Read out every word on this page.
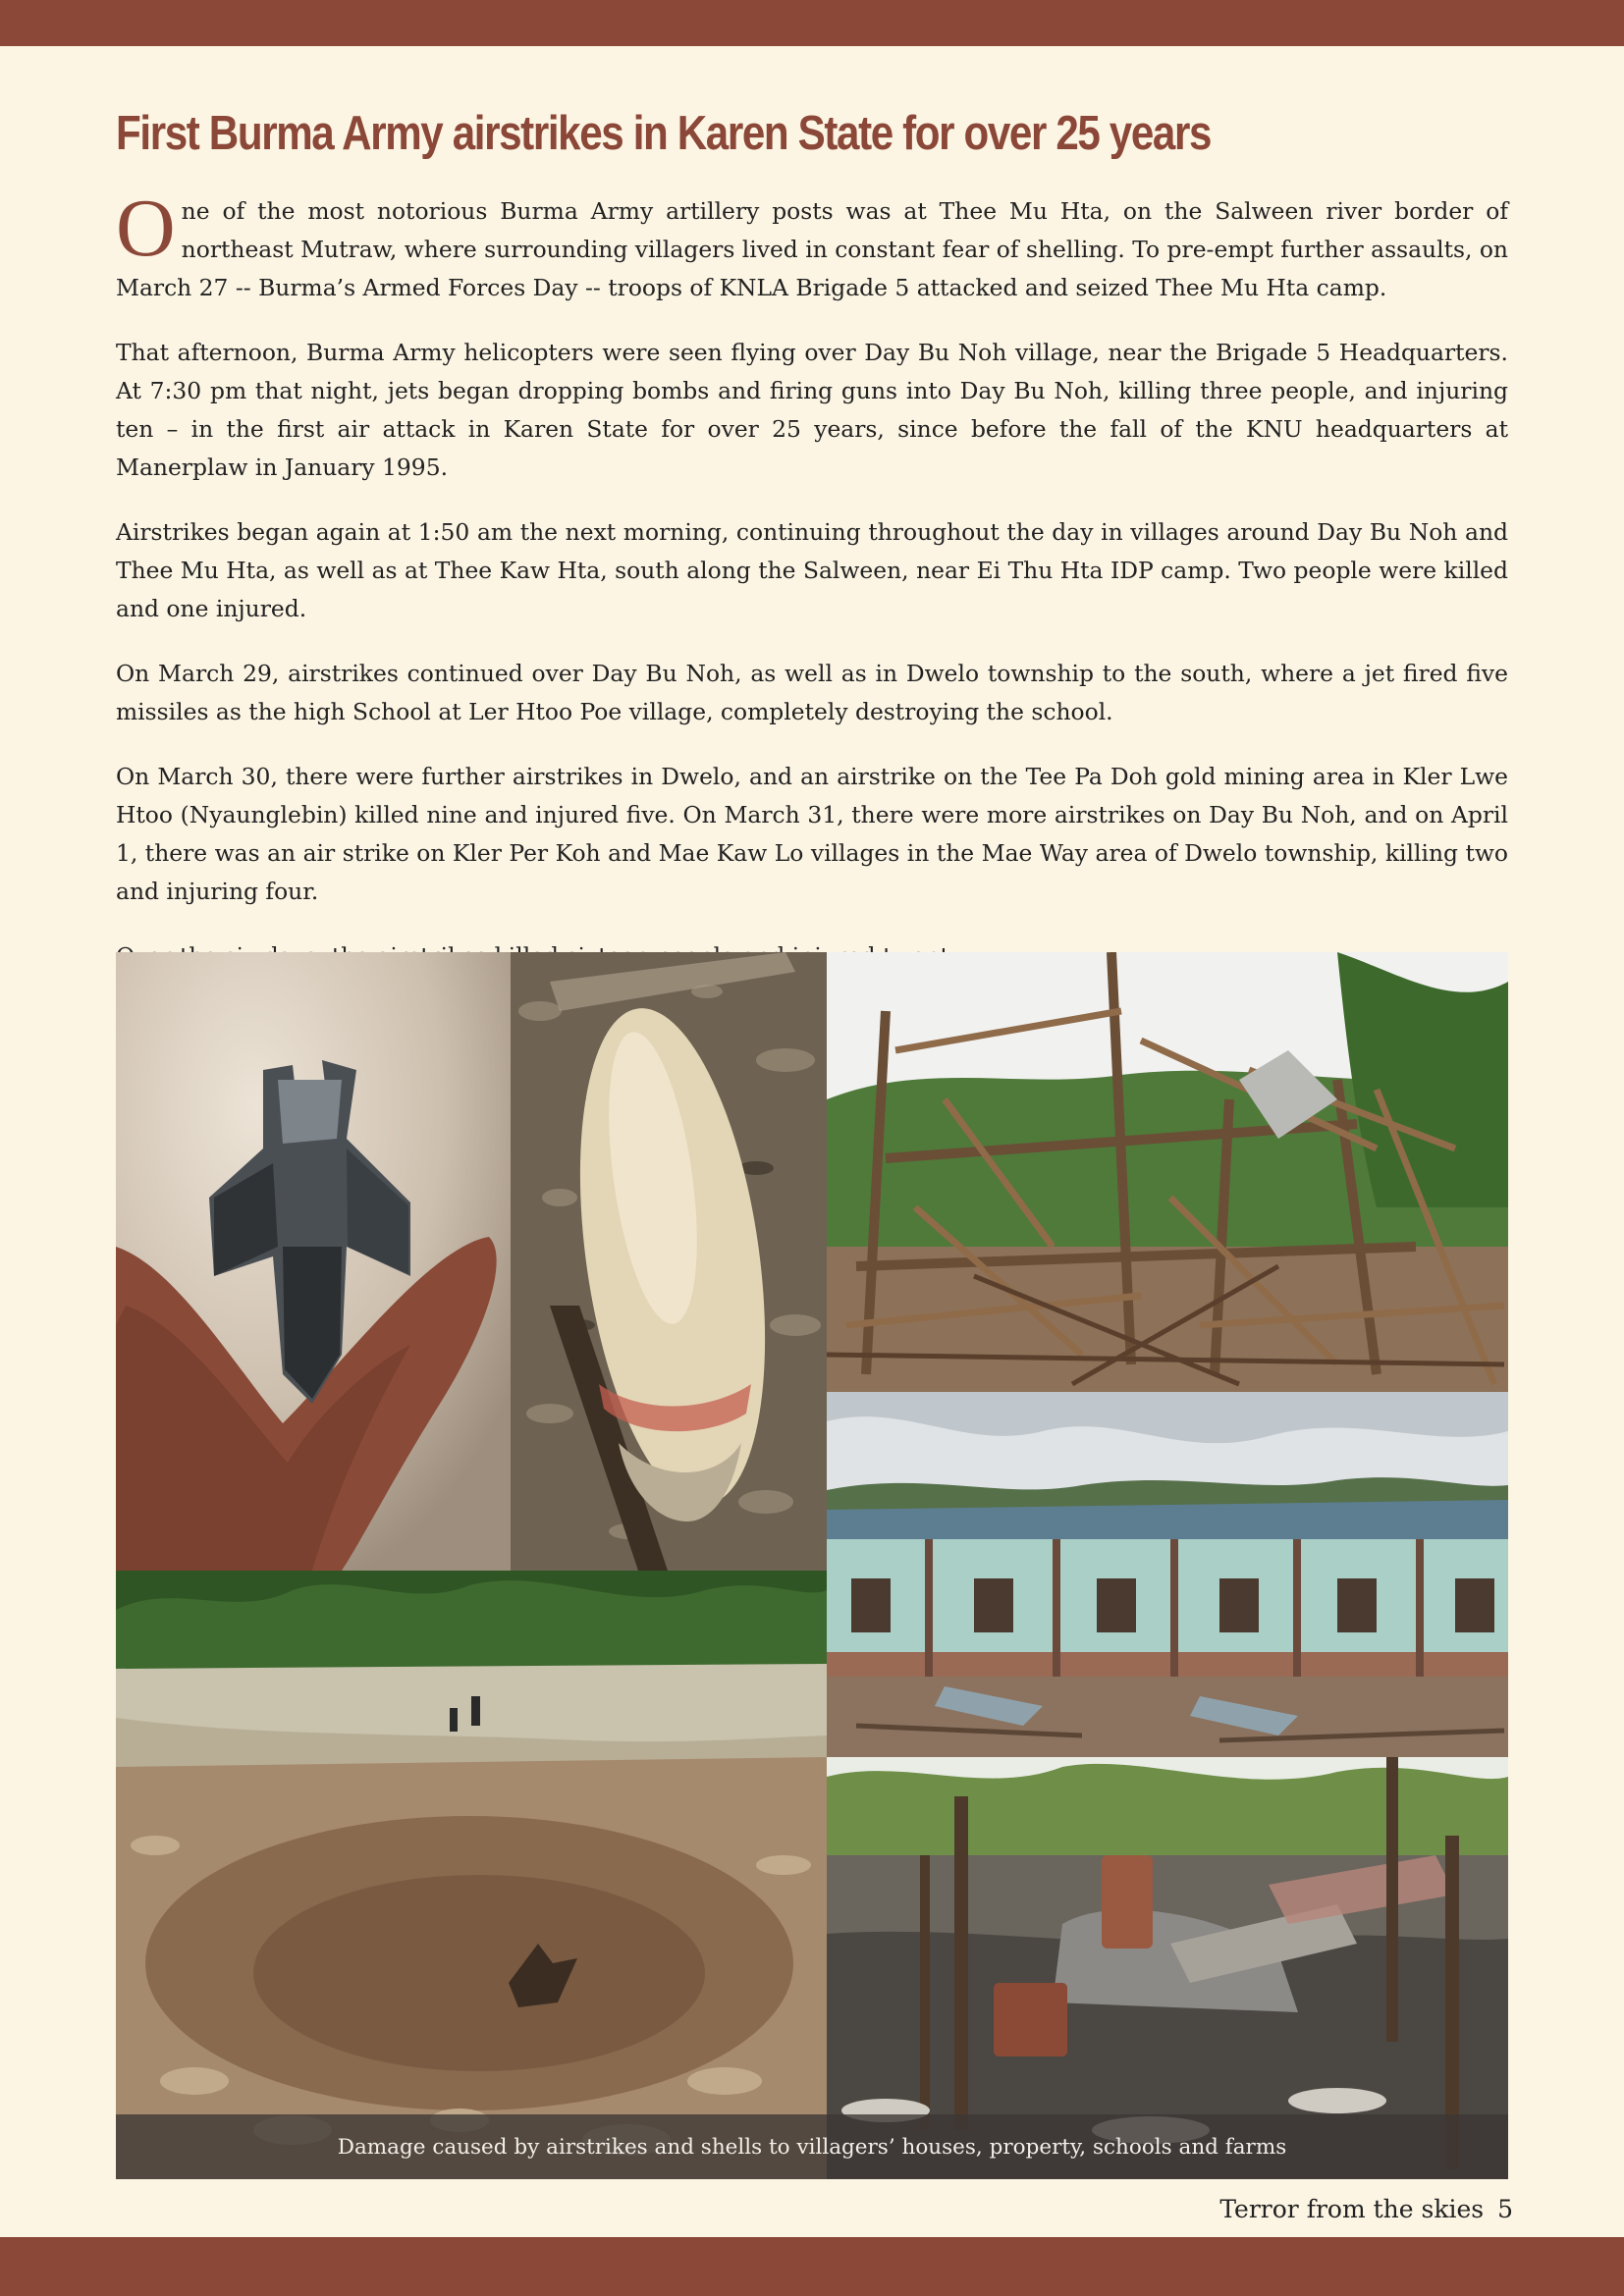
First Burma Army airstrikes in Karen State for over 25 years

One of the most notorious Burma Army artillery posts was at Thee Mu Hta, on the Salween river border of northeast Mutraw, where surrounding villagers lived in constant fear of shelling. To pre-empt further assaults, on March 27 -- Burma’s Armed Forces Day -- troops of KNLA Brigade 5 attacked and seized Thee Mu Hta camp.

That afternoon, Burma Army helicopters were seen flying over Day Bu Noh village, near the Brigade 5 Headquarters. At 7:30 pm that night, jets began dropping bombs and firing guns into Day Bu Noh, killing three people, and injuring ten – in the first air attack in Karen State for over 25 years, since before the fall of the KNU headquarters at Manerplaw in January 1995.

Airstrikes began again at 1:50 am the next morning, continuing throughout the day in villages around Day Bu Noh and Thee Mu Hta, as well as at Thee Kaw Hta, south along the Salween, near Ei Thu Hta IDP camp. Two people were killed and one injured.

On March 29, airstrikes continued over Day Bu Noh, as well as in Dwelo township to the south, where a jet fired five missiles as the high School at Ler Htoo Poe village, completely destroying the school.

On March 30, there were further airstrikes in Dwelo, and an airstrike on the Tee Pa Doh gold mining area in Kler Lwe Htoo (Nyaunglebin) killed nine and injured five. On March 31, there were more airstrikes on Day Bu Noh, and on April 1, there was an air strike on Kler Per Koh and Mae Kaw Lo villages in the Mae Way area of Dwelo township, killing two and injuring four.

Damage caused by airstrikes and shells to villagers’ houses, property, schools and farms
Terror from the skies 5
